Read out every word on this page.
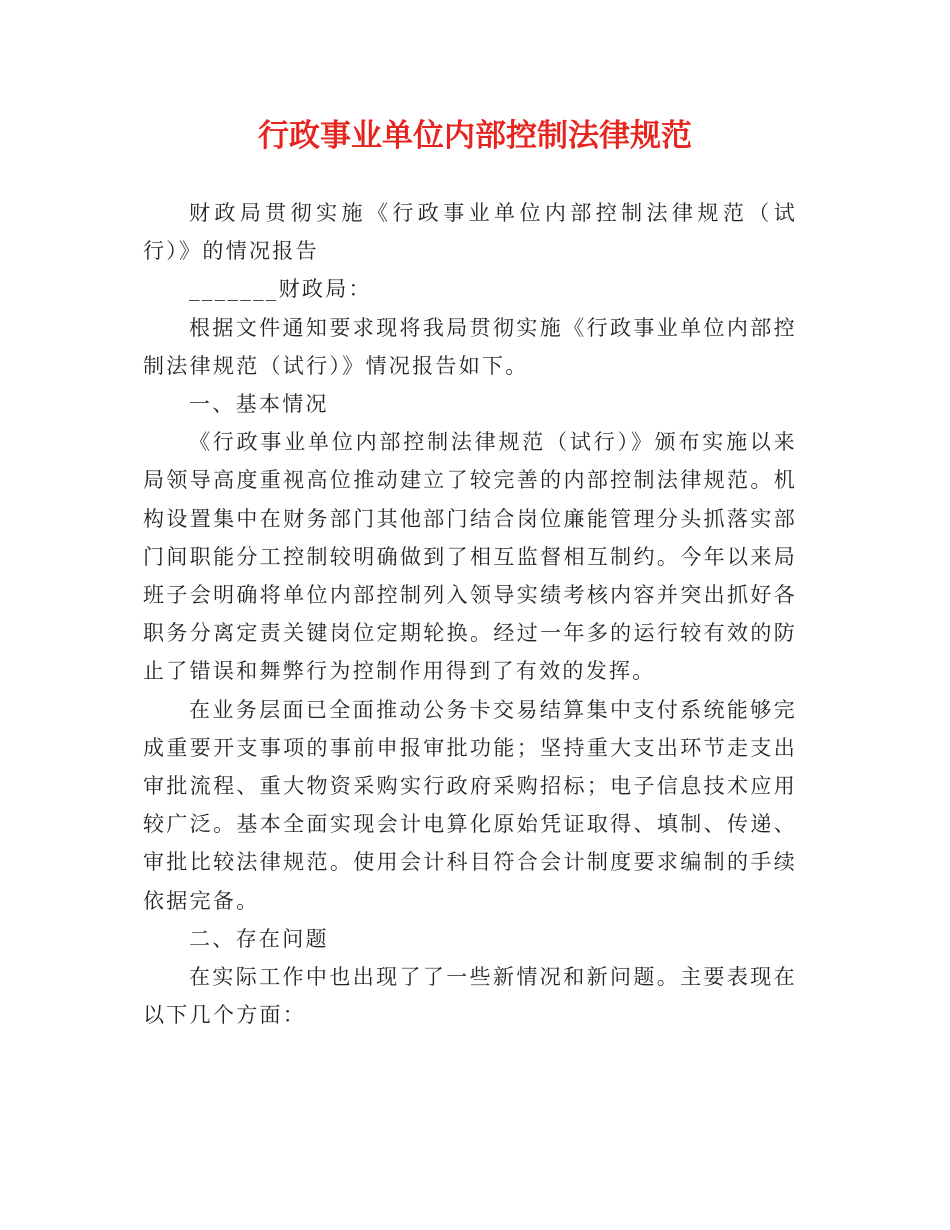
行政事业单位内部控制法律规范

财政局贯彻实施《行政事业单位内部控制法律规范（试行）》的情况报告

_______财政局：

根据文件通知要求现将我局贯彻实施《行政事业单位内部控制法律规范（试行）》情况报告如下。

一、基本情况

《行政事业单位内部控制法律规范（试行）》颁布实施以来局领导高度重视高位推动建立了较完善的内部控制法律规范。机构设置集中在财务部门其他部门结合岗位廉能管理分头抓落实部门间职能分工控制较明确做到了相互监督相互制约。今年以来局班子会明确将单位内部控制列入领导实绩考核内容并突出抓好各职务分离定责关键岗位定期轮换。经过一年多的运行较有效的防止了错误和舞弊行为控制作用得到了有效的发挥。

在业务层面已全面推动公务卡交易结算集中支付系统能够完成重要开支事项的事前申报审批功能；坚持重大支出环节走支出审批流程、重大物资采购实行政府采购招标；电子信息技术应用较广泛。基本全面实现会计电算化原始凭证取得、填制、传递、审批比较法律规范。使用会计科目符合会计制度要求编制的手续依据完备。

二、存在问题

在实际工作中也出现了了一些新情况和新问题。主要表现在以下几个方面：
